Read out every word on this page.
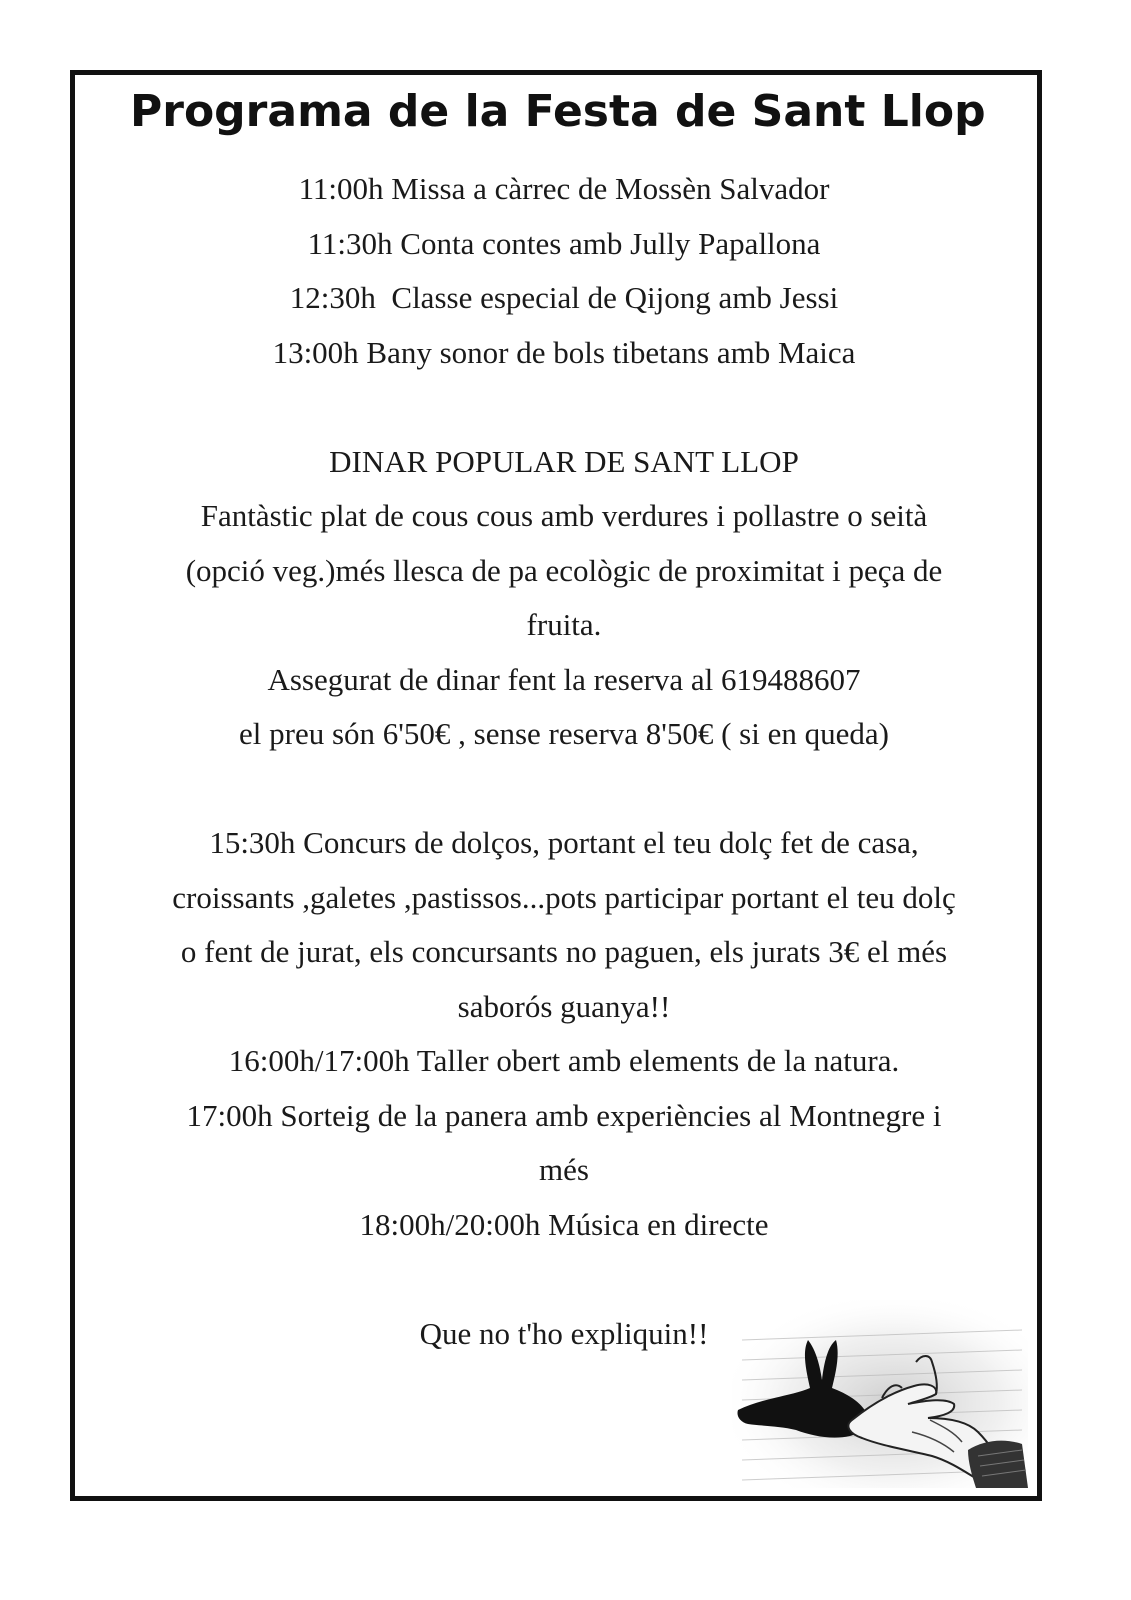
Programa de la Festa de Sant Llop

11:00h Missa a càrrec de Mossèn Salvador

11:30h Conta contes amb Jully Papallona

12:30h  Classe especial de Qijong amb Jessi

13:00h Bany sonor de bols tibetans amb Maica

DINAR POPULAR DE SANT LLOP

Fantàstic plat de cous cous amb verdures i pollastre o seità

(opció veg.)més llesca de pa ecològic de proximitat i peça de

fruita.

Assegurat de dinar fent la reserva al 619488607

el preu són 6'50€ , sense reserva 8'50€ ( si en queda)

15:30h Concurs de dolços, portant el teu dolç fet de casa,

croissants ,galetes ,pastissos...pots participar portant el teu dolç

o fent de jurat, els concursants no paguen, els jurats 3€ el més

saborós guanya!!

16:00h/17:00h Taller obert amb elements de la natura.

17:00h Sorteig de la panera amb experiències al Montnegre i

més

18:00h/20:00h Música en directe

Que no t'ho expliquin!!
